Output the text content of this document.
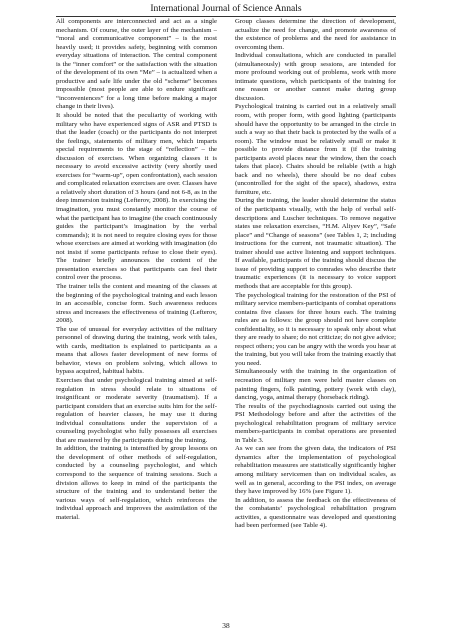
International Journal of Science Annals

All components are interconnected and act as a single mechanism. Of course, the outer layer of the mechanism – “moral and communicative component” – is the most heavily used; it provides safety, beginning with common everyday situations of interaction. The central component is the “inner comfort” or the satisfaction with the situation of the development of its own “Me” – is actualized when a productive and safe life under the old “scheme” becomes impossible (most people are able to endure significant “inconveniences” for a long time before making a major change in their lives).

It should be noted that the peculiarity of working with military who have experienced signs of ASR and PTSD is that the leader (coach) or the participants do not interpret the feelings, statements of military men, which imparts special requirements to the stage of “reflection” – the discussion of exercises. When organizing classes it is necessary to avoid excessive activity (very shortly used exercises for “warm-up”, open confrontation), each session and complicated relaxation exercises are over. Classes have a relatively short duration of 3 hours (and not 6-8, as in the deep immersion training (Lefterov, 2008). In exercising the imagination, you must constantly monitor the course of what the participant has to imagine (the coach continuously guides the participant’s imagination by the verbal commands); it is not need to require closing eyes for those whose exercises are aimed at working with imagination (do not insist if some participants refuse to close their eyes). The trainer briefly announces the content of the presentation exercises so that participants can feel their control over the process.

The trainer tells the content and meaning of the classes at the beginning of the psychological training and each lesson in an accessible, concise form. Such awareness reduces stress and increases the effectiveness of training (Lefterov, 2008).

The use of unusual for everyday activities of the military personnel of drawing during the training, work with tales, with cards, meditation is explained to participants as a means that allows faster development of new forms of behavior, views on problem solving, which allows to bypass acquired, habitual habits.

Exercises that under psychological training aimed at self-regulation in stress should relate to situations of insignificant or moderate severity (traumatism). If a participant considers that an exercise suits him for the self-regulation of heavier classes, he may use it during individual consultations under the supervision of a counseling psychologist who fully possesses all exercises that are mastered by the participants during the training.

In addition, the training is intensified by group lessons on the development of other methods of self-regulation, conducted by a counseling psychologist, and which correspond to the sequence of training sessions. Such a division allows to keep in mind of the participants the structure of the training and to understand better the various ways of self-regulation, which reinforces the individual approach and improves the assimilation of the material.

Group classes determine the direction of development, actualize the need for change, and promote awareness of the existence of problems and the need for assistance in overcoming them.

Individual consultations, which are conducted in parallel (simultaneously) with group sessions, are intended for more profound working out of problems, work with more intimate questions, which participants of the training for one reason or another cannot make during group discussion.

Psychological training is carried out in a relatively small room, with proper form, with good lighting (participants should have the opportunity to be arranged in the circle in such a way so that their back is protected by the walls of a room). The window must be relatively small or make it possible to provide distance from it (if the training participants avoid places near the window, then the coach takes that place). Chairs should be reliable (with a high back and no wheels), there should be no deaf cubes (uncontrolled for the sight of the space), shadows, extra furniture, etc.

During the training, the leader should determine the status of the participants visually, with the help of verbal self-descriptions and Luscher techniques. To remove negative states use relaxation exercises, “H.M. Aliyev Key”, “Safe place” and “Change of seasons” (see Tables 1, 2; including instructions for the current, not traumatic situation). The trainer should use active listening and support techniques. If available, participants of the training should discuss the issue of providing support to comrades who describe their traumatic experiences (it is necessary to voice support methods that are acceptable for this group).

The psychological training for the restoration of the PSI of military service members-participants of combat operations contains five classes for three hours each. The training rules are as follows: the group should not have complete confidentiality, so it is necessary to speak only about what they are ready to share; do not criticize; do not give advice; respect others; you can be angry with the words you hear at the training, but you will take from the training exactly that you need.

Simultaneously with the training in the organization of recreation of military men were held master classes on painting fingers, folk painting, pottery (work with clay), dancing, yoga, animal therapy (horseback riding).

The results of the psychodiagnosis carried out using the PSI Methodology before and after the activities of the psychological rehabilitation program of military service members-participants in combat operations are presented in Table 3.

As we can see from the given data, the indicators of PSI dynamics after the implementation of psychological rehabilitation measures are statistically significantly higher among military servicemen than on individual scales, as well as in general, according to the PSI index, on average they have improved by 16% (see Figure 1).

In addition, to assess the feedback on the effectiveness of the combatants’ psychological rehabilitation program activities, a questionnaire was developed and questioning had been performed (see Table 4).

38
